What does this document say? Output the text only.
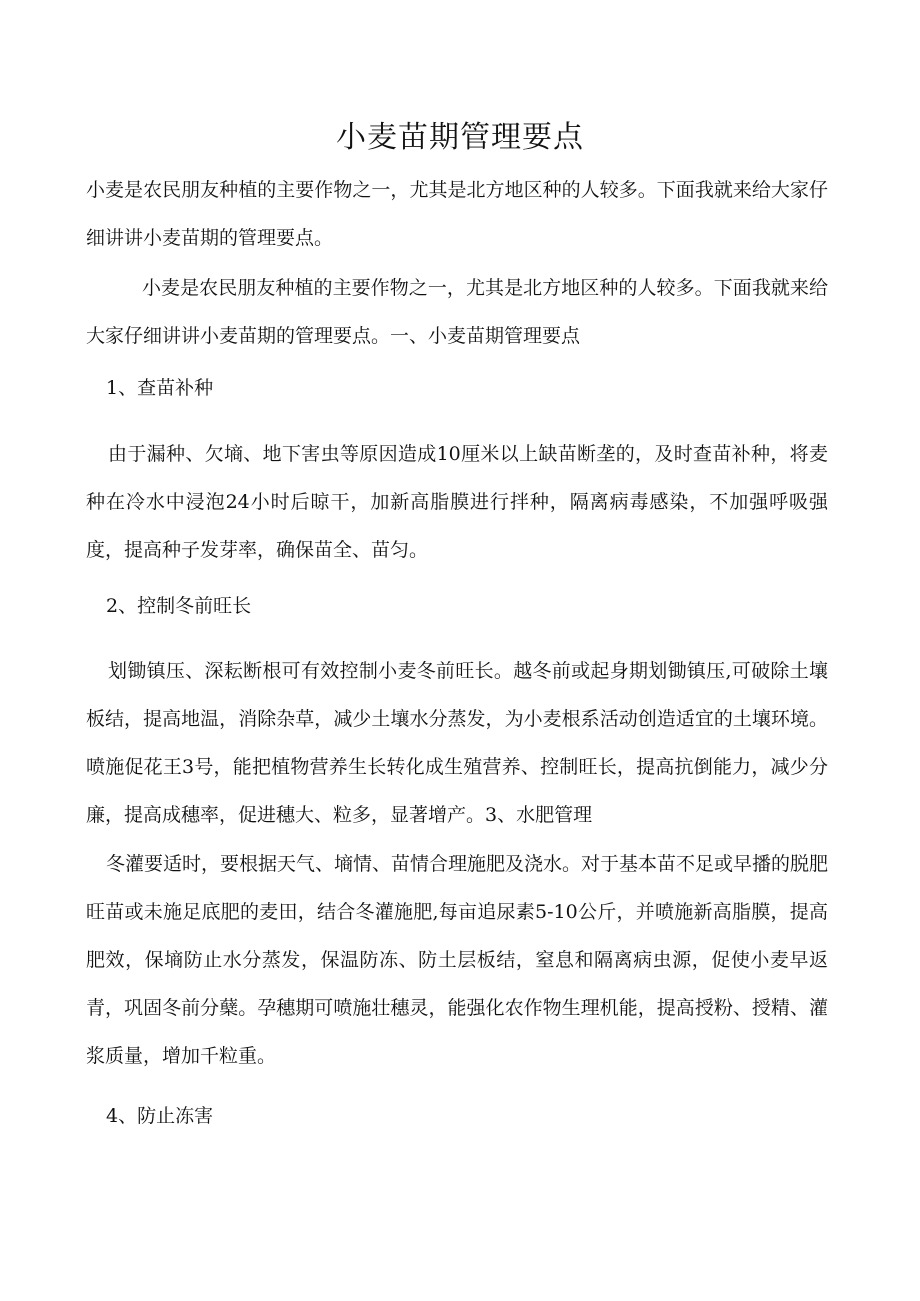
小麦苗期管理要点

小麦是农民朋友种植的主要作物之一，尤其是北方地区种的人较多。下面我就来给大家仔细讲讲小麦苗期的管理要点。

小麦是农民朋友种植的主要作物之一，尤其是北方地区种的人较多。下面我就来给大家仔细讲讲小麦苗期的管理要点。一、小麦苗期管理要点

1、查苗补种

由于漏种、欠墒、地下害虫等原因造成10厘米以上缺苗断垄的，及时查苗补种，将麦种在冷水中浸泡24小时后晾干，加新高脂膜进行拌种，隔离病毒感染，不加强呼吸强度，提高种子发芽率，确保苗全、苗匀。

2、控制冬前旺长

划锄镇压、深耘断根可有效控制小麦冬前旺长。越冬前或起身期划锄镇压,可破除土壤板结，提高地温，消除杂草，减少土壤水分蒸发，为小麦根系活动创造适宜的土壤环境。喷施促花王3号，能把植物营养生长转化成生殖营养、控制旺长，提高抗倒能力，减少分廉，提高成穗率，促进穗大、粒多，显著增产。3、水肥管理

冬灌要适时，要根据天气、墒情、苗情合理施肥及浇水。对于基本苗不足或早播的脱肥旺苗或未施足底肥的麦田，结合冬灌施肥,每亩追尿素5-10公斤，并喷施新高脂膜，提高肥效，保墒防止水分蒸发，保温防冻、防土层板结，窒息和隔离病虫源，促使小麦早返青，巩固冬前分蘖。孕穗期可喷施壮穗灵，能强化农作物生理机能，提高授粉、授精、灌浆质量，增加千粒重。

4、防止冻害
